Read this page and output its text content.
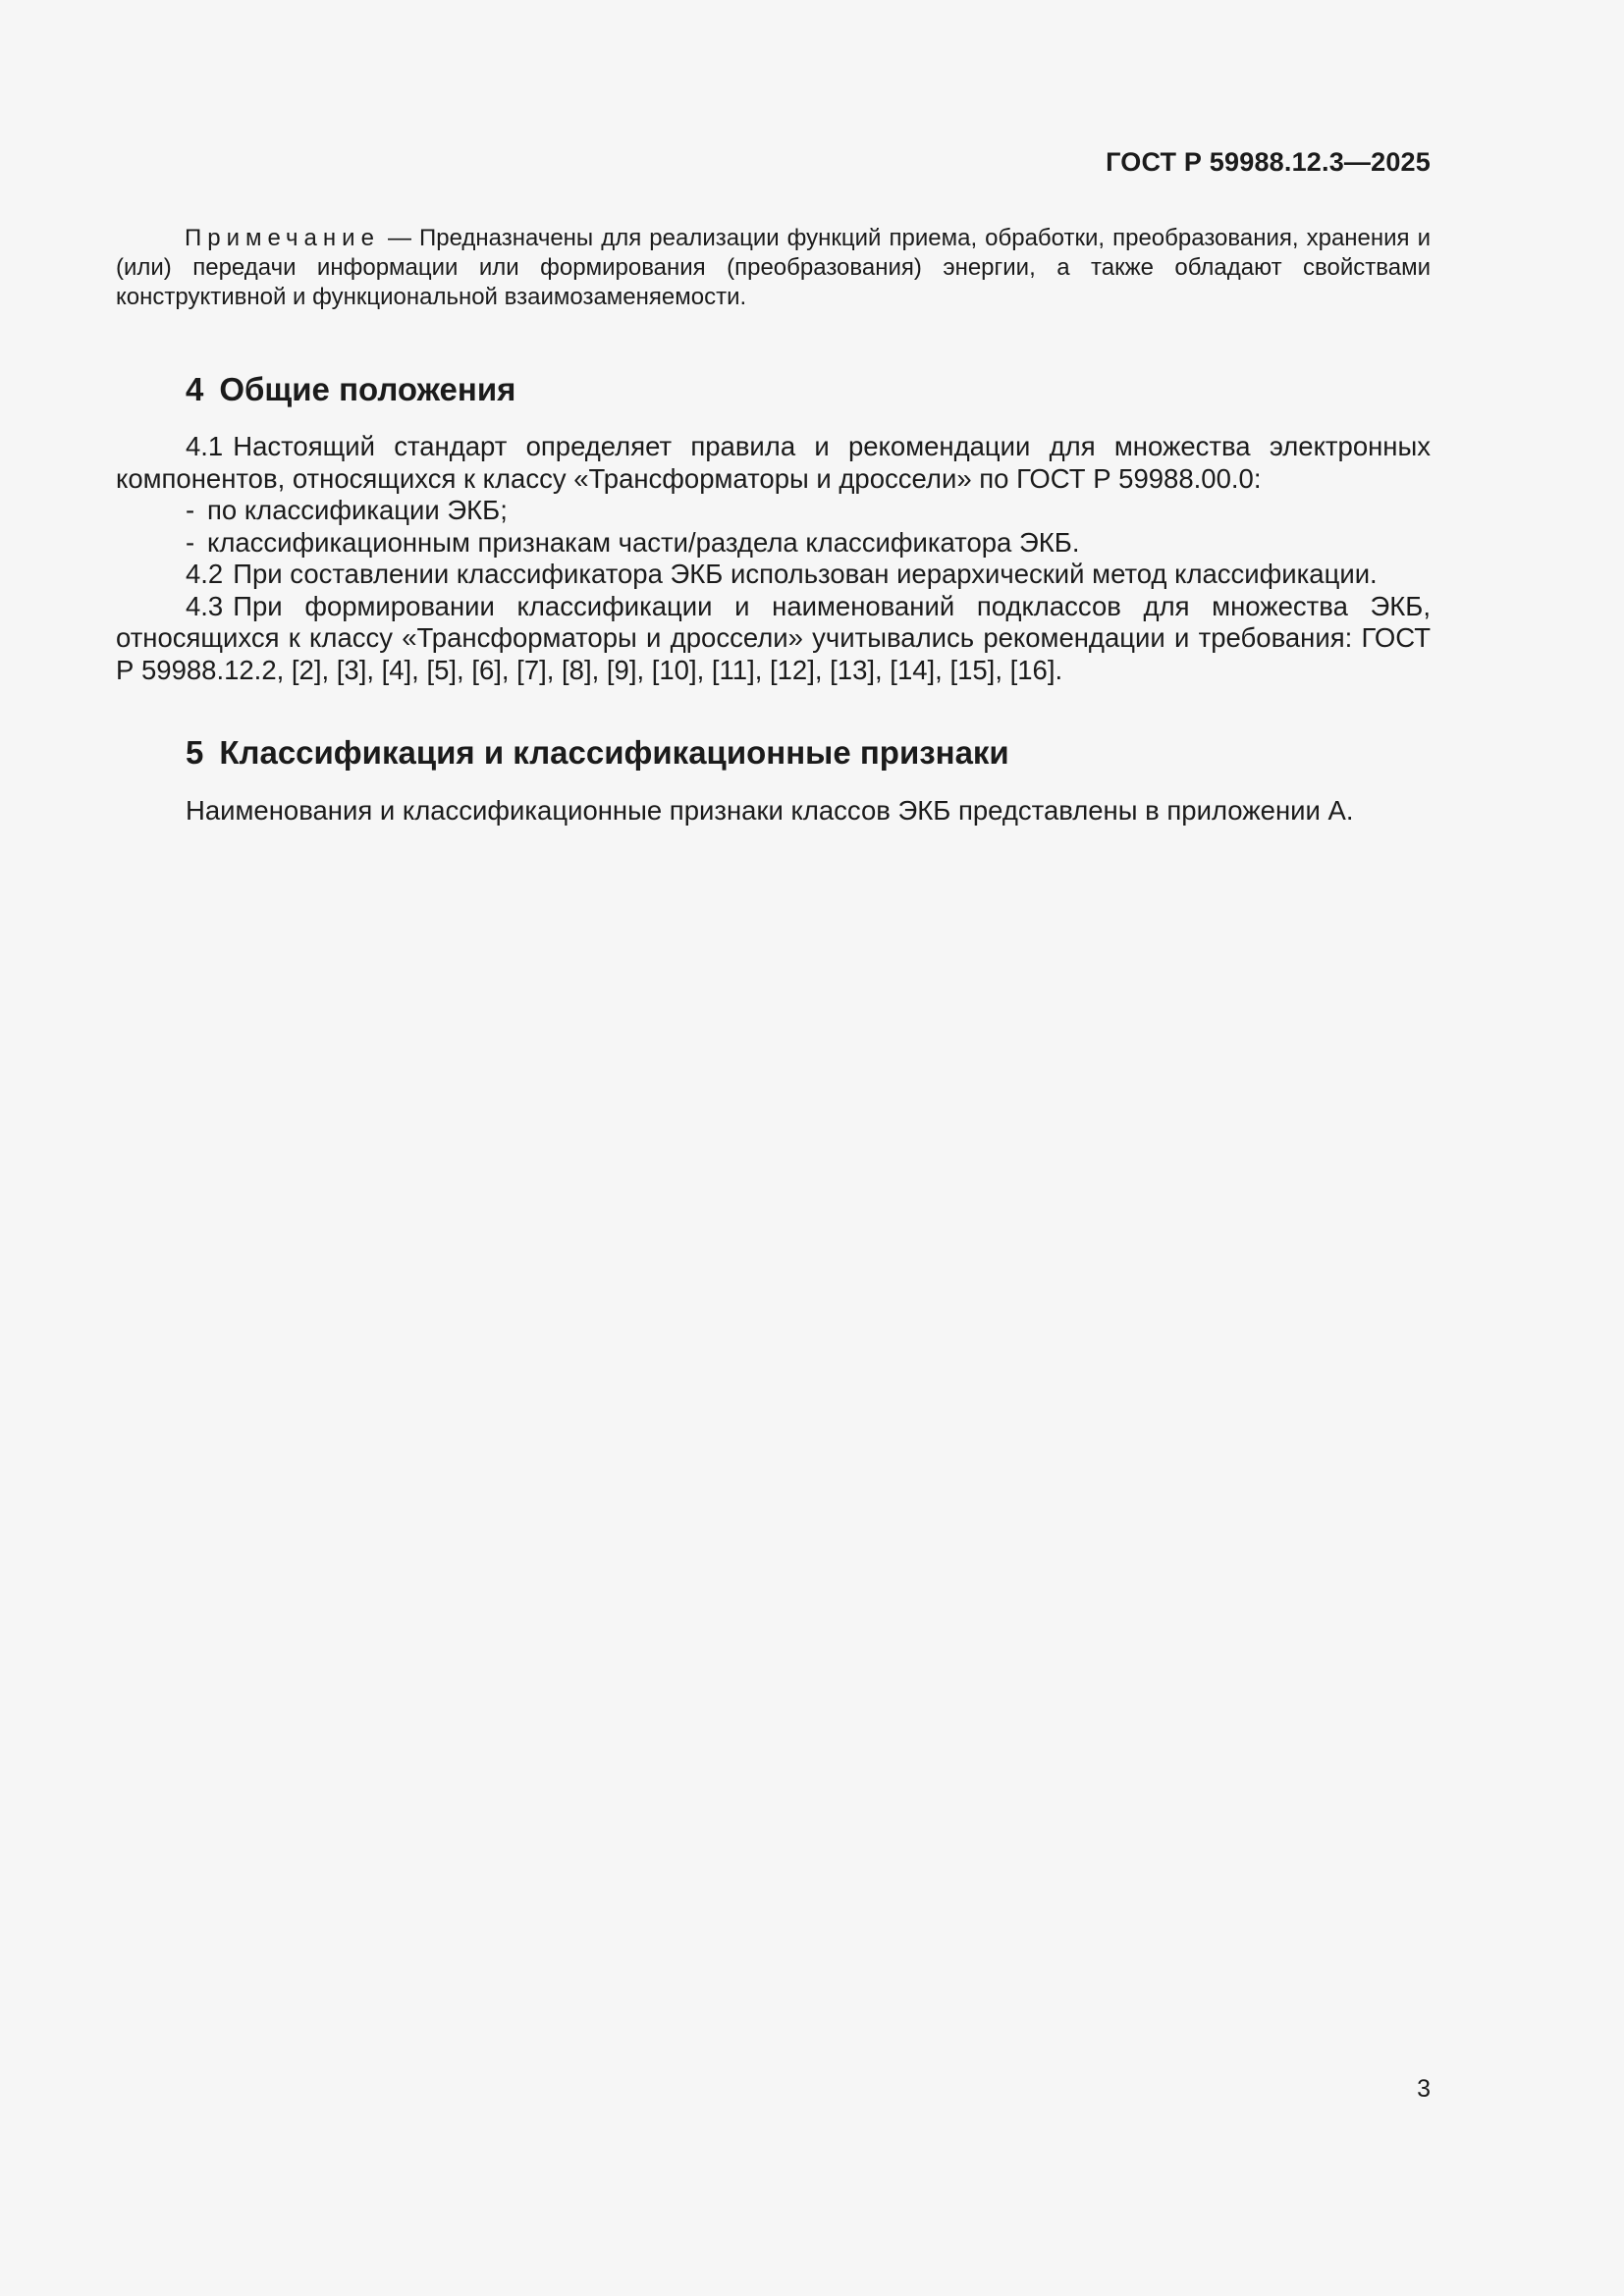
ГОСТ Р 59988.12.3—2025

Примечание — Предназначены для реализации функций приема, обработки, преобразования, хранения и (или) передачи информации или формирования (преобразования) энергии, а также обладают свойствами конструктивной и функциональной взаимозаменяемости.

4 Общие положения

4.1 Настоящий стандарт определяет правила и рекомендации для множества электронных компонентов, относящихся к классу «Трансформаторы и дроссели» по ГОСТ Р 59988.00.0:

- по классификации ЭКБ;

- классификационным признакам части/раздела классификатора ЭКБ.

4.2 При составлении классификатора ЭКБ использован иерархический метод классификации.

4.3 При формировании классификации и наименований подклассов для множества ЭКБ, относящихся к классу «Трансформаторы и дроссели» учитывались рекомендации и требования: ГОСТ Р 59988.12.2, [2], [3], [4], [5], [6], [7], [8], [9], [10], [11], [12], [13], [14], [15], [16].

5 Классификация и классификационные признаки

Наименования и классификационные признаки классов ЭКБ представлены в приложении А.

3
